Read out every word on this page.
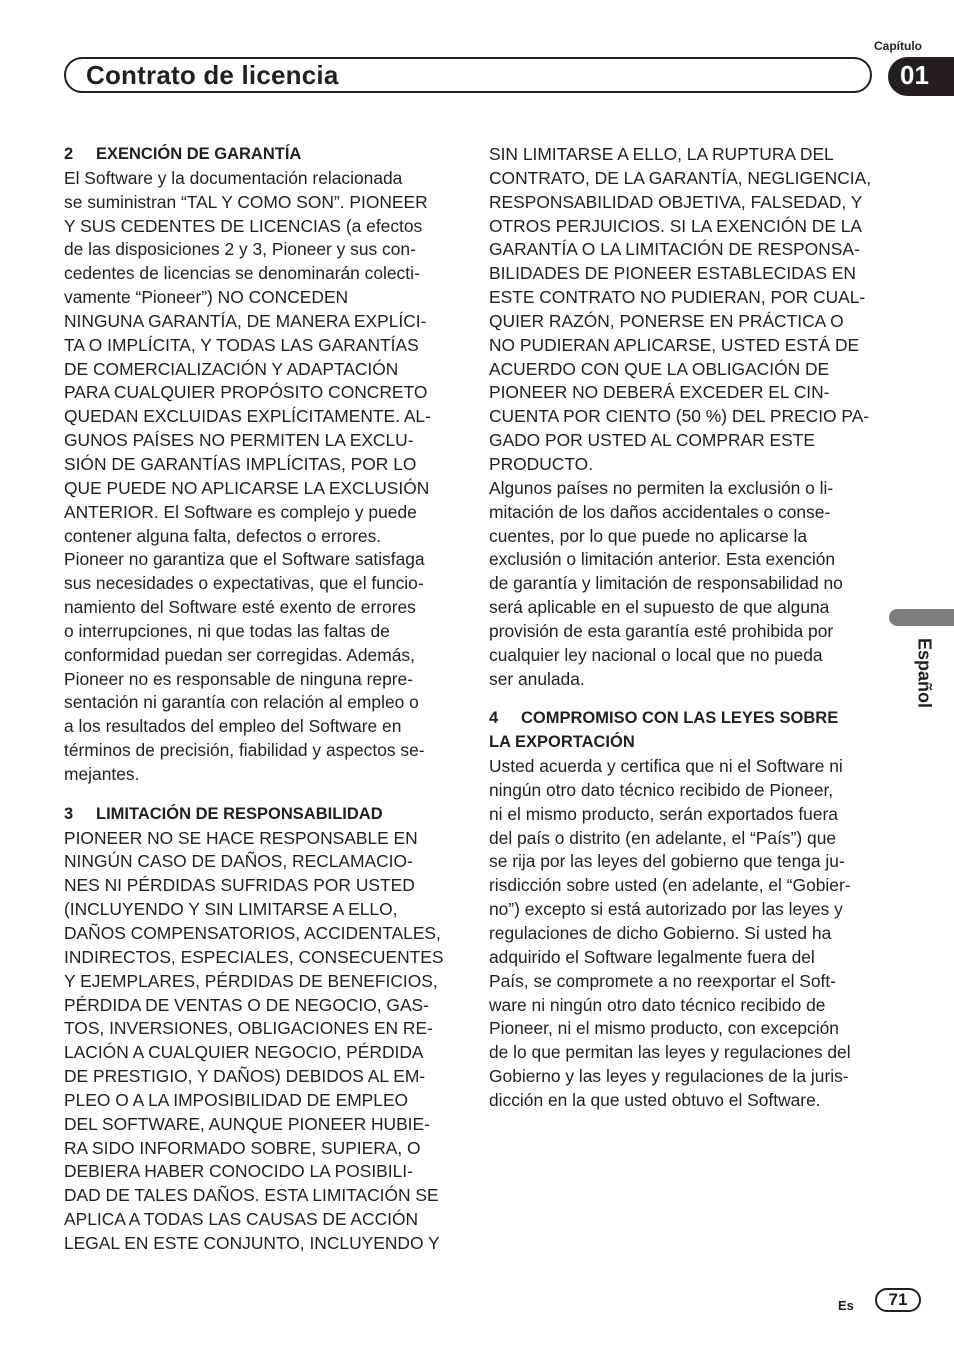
Capítulo
Contrato de licencia	01
Español
2 EXENCIÓN DE GARANTÍA
El Software y la documentación relacionada
se suministran “TAL Y COMO SON”. PIONEER
Y SUS CEDENTES DE LICENCIAS (a efectos
de las disposiciones 2 y 3, Pioneer y sus con-
cedentes de licencias se denominarán colecti-
vamente “Pioneer”) NO CONCEDEN
NINGUNA GARANTÍA, DE MANERA EXPLÍCI-
TA O IMPLÍCITA, Y TODAS LAS GARANTÍAS
DE COMERCIALIZACIÓN Y ADAPTACIÓN
PARA CUALQUIER PROPÓSITO CONCRETO
QUEDAN EXCLUIDAS EXPLÍCITAMENTE. AL-
GUNOS PAÍSES NO PERMITEN LA EXCLU-
SIÓN DE GARANTÍAS IMPLÍCITAS, POR LO
QUE PUEDE NO APLICARSE LA EXCLUSIÓN
ANTERIOR. El Software es complejo y puede
contener alguna falta, defectos o errores.
Pioneer no garantiza que el Software satisfaga
sus necesidades o expectativas, que el funcio-
namiento del Software esté exento de errores
o interrupciones, ni que todas las faltas de
conformidad puedan ser corregidas. Además,
Pioneer no es responsable de ninguna repre-
sentación ni garantía con relación al empleo o
a los resultados del empleo del Software en
términos de precisión, fiabilidad y aspectos se-
mejantes.
3 LIMITACIÓN DE RESPONSABILIDAD
PIONEER NO SE HACE RESPONSABLE EN
NINGÚN CASO DE DAÑOS, RECLAMACIO-
NES NI PÉRDIDAS SUFRIDAS POR USTED
(INCLUYENDO Y SIN LIMITARSE A ELLO,
DAÑOS COMPENSATORIOS, ACCIDENTALES,
INDIRECTOS, ESPECIALES, CONSECUENTES
Y EJEMPLARES, PÉRDIDAS DE BENEFICIOS,
PÉRDIDA DE VENTAS O DE NEGOCIO, GAS-
TOS, INVERSIONES, OBLIGACIONES EN RE-
LACIÓN A CUALQUIER NEGOCIO, PÉRDIDA
DE PRESTIGIO, Y DAÑOS) DEBIDOS AL EM-
PLEO O A LA IMPOSIBILIDAD DE EMPLEO
DEL SOFTWARE, AUNQUE PIONEER HUBIE-
RA SIDO INFORMADO SOBRE, SUPIERA, O
DEBIERA HABER CONOCIDO LA POSIBILI-
DAD DE TALES DAÑOS. ESTA LIMITACIÓN SE
APLICA A TODAS LAS CAUSAS DE ACCIÓN
LEGAL EN ESTE CONJUNTO, INCLUYENDO Y
SIN LIMITARSE A ELLO, LA RUPTURA DEL
CONTRATO, DE LA GARANTÍA, NEGLIGENCIA,
RESPONSABILIDAD OBJETIVA, FALSEDAD, Y
OTROS PERJUICIOS. SI LA EXENCIÓN DE LA
GARANTÍA O LA LIMITACIÓN DE RESPONSA-
BILIDADES DE PIONEER ESTABLECIDAS EN
ESTE CONTRATO NO PUDIERAN, POR CUAL-
QUIER RAZÓN, PONERSE EN PRÁCTICA O
NO PUDIERAN APLICARSE, USTED ESTÁ DE
ACUERDO CON QUE LA OBLIGACIÓN DE
PIONEER NO DEBERÁ EXCEDER EL CIN-
CUENTA POR CIENTO (50 %) DEL PRECIO PA-
GADO POR USTED AL COMPRAR ESTE
PRODUCTO.
Algunos países no permiten la exclusión o li-
mitación de los daños accidentales o conse-
cuentes, por lo que puede no aplicarse la
exclusión o limitación anterior. Esta exención
de garantía y limitación de responsabilidad no
será aplicable en el supuesto de que alguna
provisión de esta garantía esté prohibida por
cualquier ley nacional o local que no pueda
ser anulada.
4 COMPROMISO CON LAS LEYES SOBRE
LA EXPORTACIÓN
Usted acuerda y certifica que ni el Software ni
ningún otro dato técnico recibido de Pioneer,
ni el mismo producto, serán exportados fuera
del país o distrito (en adelante, el “País”) que
se rija por las leyes del gobierno que tenga ju-
risdicción sobre usted (en adelante, el “Gobier-
no”) excepto si está autorizado por las leyes y
regulaciones de dicho Gobierno. Si usted ha
adquirido el Software legalmente fuera del
País, se compromete a no reexportar el Soft-
ware ni ningún otro dato técnico recibido de
Pioneer, ni el mismo producto, con excepción
de lo que permitan las leyes y regulaciones del
Gobierno y las leyes y regulaciones de la juris-
dicción en la que usted obtuvo el Software.
Es	71
